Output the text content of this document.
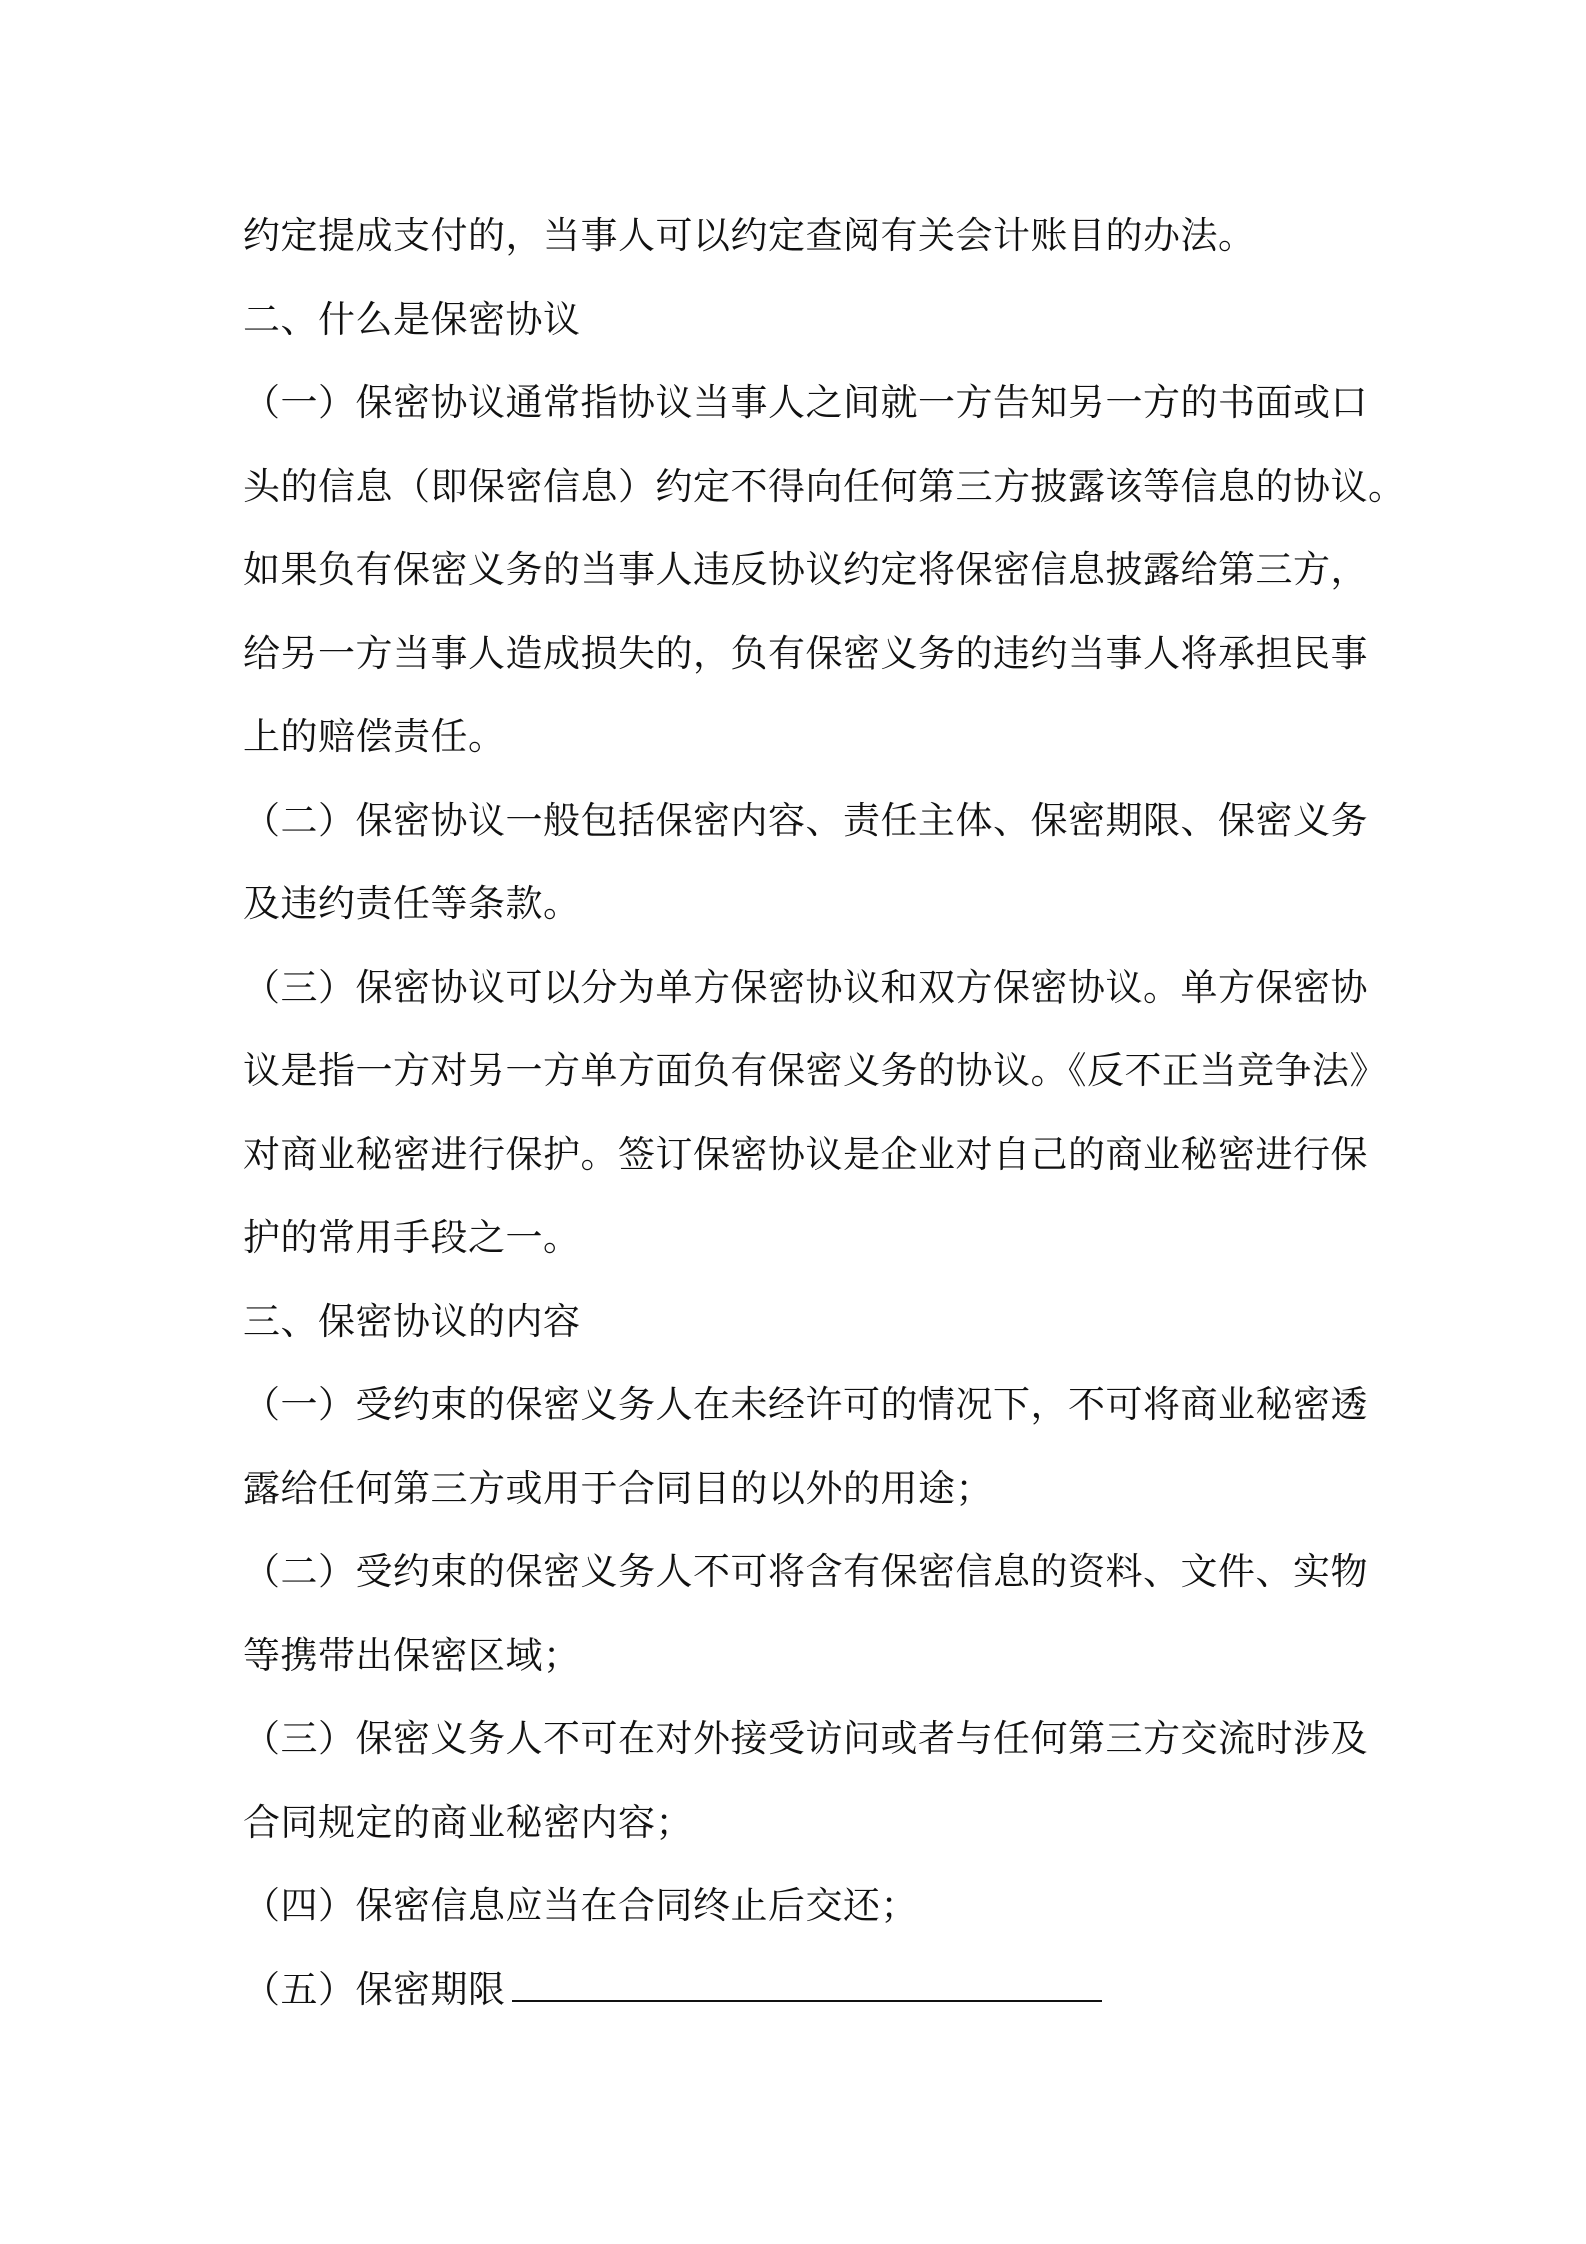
约定提成支付的，当事人可以约定查阅有关会计账目的办法。
二、什么是保密协议
（一）保密协议通常指协议当事人之间就一方告知另一方的书面或口
头的信息（即保密信息）约定不得向任何第三方披露该等信息的协议。
如果负有保密义务的当事人违反协议约定将保密信息披露给第三方，
给另一方当事人造成损失的，负有保密义务的违约当事人将承担民事
上的赔偿责任。
（二）保密协议一般包括保密内容、责任主体、保密期限、保密义务
及违约责任等条款。
（三）保密协议可以分为单方保密协议和双方保密协议。单方保密协
议是指一方对另一方单方面负有保密义务的协议。《反不正当竞争法》
对商业秘密进行保护。签订保密协议是企业对自己的商业秘密进行保
护的常用手段之一。
三、保密协议的内容
（一）受约束的保密义务人在未经许可的情况下，不可将商业秘密透
露给任何第三方或用于合同目的以外的用途；
（二）受约束的保密义务人不可将含有保密信息的资料、文件、实物
等携带出保密区域；
（三）保密义务人不可在对外接受访问或者与任何第三方交流时涉及
合同规定的商业秘密内容；
（四）保密信息应当在合同终止后交还；
（五）保密期限
